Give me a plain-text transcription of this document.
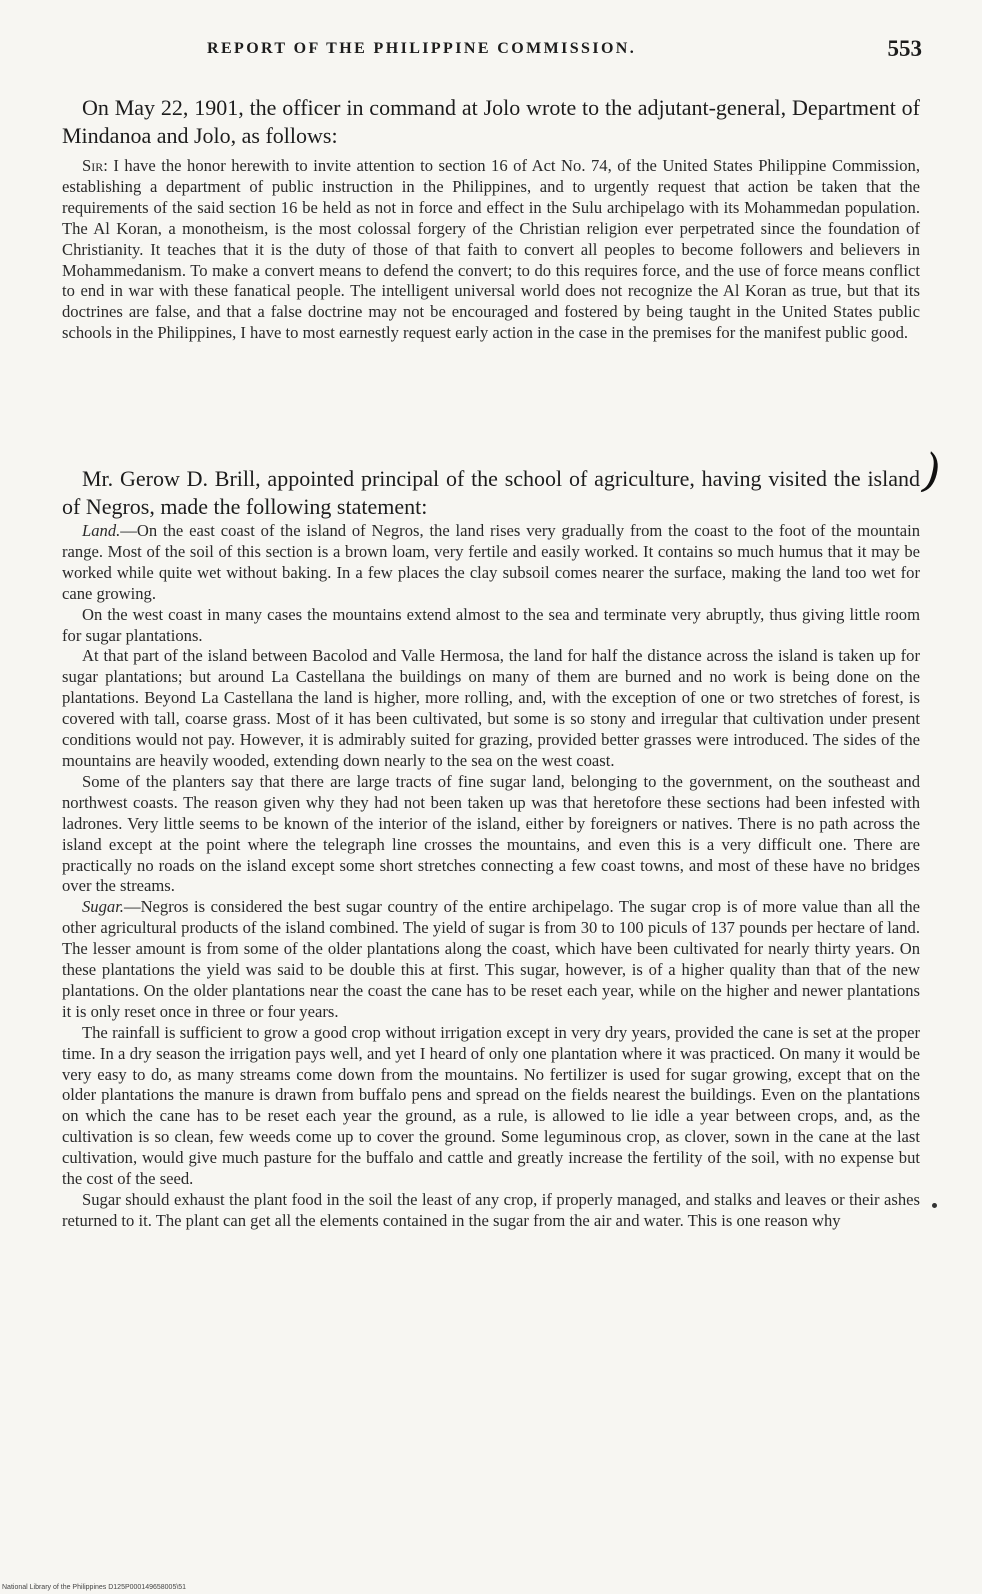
REPORT OF THE PHILIPPINE COMMISSION.	553

On May 22, 1901, the officer in command at Jolo wrote to the adjutant-general, Department of Mindanoa and Jolo, as follows:

Sir: I have the honor herewith to invite attention to section 16 of Act No. 74, of the United States Philippine Commission, establishing a department of public instruction in the Philippines, and to urgently request that action be taken that the requirements of the said section 16 be held as not in force and effect in the Sulu archipelago with its Mohammedan population. The Al Koran, a monotheism, is the most colossal forgery of the Christian religion ever perpetrated since the foundation of Christianity. It teaches that it is the duty of those of that faith to convert all peoples to become followers and believers in Mohammedanism. To make a convert means to defend the convert; to do this requires force, and the use of force means conflict to end in war with these fanatical people. The intelligent universal world does not recognize the Al Koran as true, but that its doctrines are false, and that a false doctrine may not be encouraged and fostered by being taught in the United States public schools in the Philippines, I have to most earnestly request early action in the case in the premises for the manifest public good.

Mr. Gerow D. Brill, appointed principal of the school of agriculture, having visited the island of Negros, made the following statement:

)

Land.—On the east coast of the island of Negros, the land rises very gradually from the coast to the foot of the mountain range. Most of the soil of this section is a brown loam, very fertile and easily worked. It contains so much humus that it may be worked while quite wet without baking. In a few places the clay subsoil comes nearer the surface, making the land too wet for cane growing.

On the west coast in many cases the mountains extend almost to the sea and terminate very abruptly, thus giving little room for sugar plantations.

At that part of the island between Bacolod and Valle Hermosa, the land for half the distance across the island is taken up for sugar plantations; but around La Castellana the buildings on many of them are burned and no work is being done on the plantations. Beyond La Castellana the land is higher, more rolling, and, with the exception of one or two stretches of forest, is covered with tall, coarse grass. Most of it has been cultivated, but some is so stony and irregular that cultivation under present conditions would not pay. However, it is admirably suited for grazing, provided better grasses were introduced. The sides of the mountains are heavily wooded, extending down nearly to the sea on the west coast.

Some of the planters say that there are large tracts of fine sugar land, belonging to the government, on the southeast and northwest coasts. The reason given why they had not been taken up was that heretofore these sections had been infested with ladrones. Very little seems to be known of the interior of the island, either by foreigners or natives. There is no path across the island except at the point where the telegraph line crosses the mountains, and even this is a very difficult one. There are practically no roads on the island except some short stretches connecting a few coast towns, and most of these have no bridges over the streams.

Sugar.—Negros is considered the best sugar country of the entire archipelago. The sugar crop is of more value than all the other agricultural products of the island combined. The yield of sugar is from 30 to 100 piculs of 137 pounds per hectare of land. The lesser amount is from some of the older plantations along the coast, which have been cultivated for nearly thirty years. On these plantations the yield was said to be double this at first. This sugar, however, is of a higher quality than that of the new plantations. On the older plantations near the coast the cane has to be reset each year, while on the higher and newer plantations it is only reset once in three or four years.

The rainfall is sufficient to grow a good crop without irrigation except in very dry years, provided the cane is set at the proper time. In a dry season the irrigation pays well, and yet I heard of only one plantation where it was practiced. On many it would be very easy to do, as many streams come down from the mountains. No fertilizer is used for sugar growing, except that on the older plantations the manure is drawn from buffalo pens and spread on the fields nearest the buildings. Even on the plantations on which the cane has to be reset each year the ground, as a rule, is allowed to lie idle a year between crops, and, as the cultivation is so clean, few weeds come up to cover the ground. Some leguminous crop, as clover, sown in the cane at the last cultivation, would give much pasture for the buffalo and cattle and greatly increase the fertility of the soil, with no expense but the cost of the seed.

Sugar should exhaust the plant food in the soil the least of any crop, if properly managed, and stalks and leaves or their ashes returned to it. The plant can get all the elements contained in the sugar from the air and water. This is one reason why

National Library of the Philippines D125P000149658005\51
